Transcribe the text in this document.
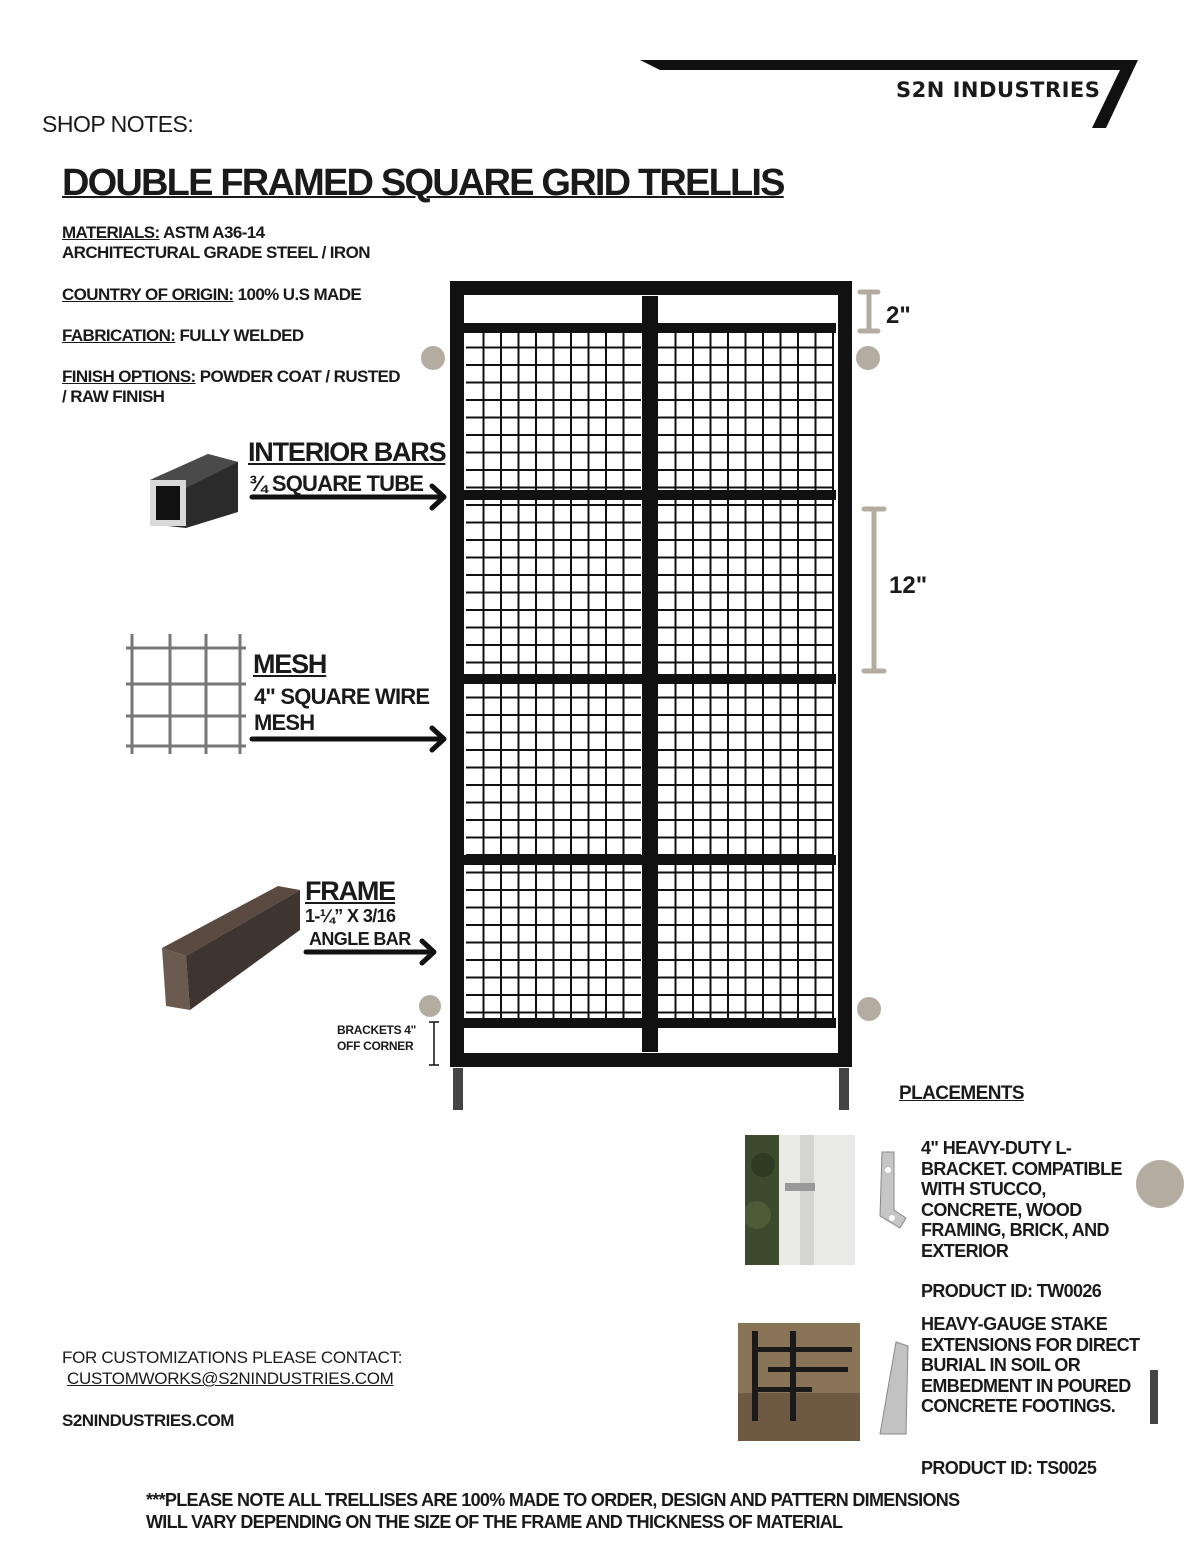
S2N INDUSTRIES
SHOP NOTES:
DOUBLE FRAMED SQUARE GRID TRELLIS
MATERIALS: ASTM A36-14
ARCHITECTURAL GRADE STEEL / IRON
COUNTRY OF ORIGIN: 100% U.S MADE
FABRICATION: FULLY WELDED
FINISH OPTIONS: POWDER COAT / RUSTED
/ RAW FINISH
2"
12"
INTERIOR BARS
¾ SQUARE TUBE
MESH
4" SQUARE WIRE
MESH
FRAME
1-¼” X 3/16
ANGLE BAR
BRACKETS 4"
OFF CORNER
PLACEMENTS
4" HEAVY-DUTY L-BRACKET. COMPATIBLE WITH STUCCO, CONCRETE, WOOD FRAMING, BRICK, AND EXTERIOR
PRODUCT ID: TW0026
HEAVY-GAUGE STAKE EXTENSIONS FOR DIRECT BURIAL IN SOIL OR EMBEDMENT IN POURED CONCRETE FOOTINGS.
PRODUCT ID: TS0025
FOR CUSTOMIZATIONS PLEASE CONTACT:
CUSTOMWORKS@S2NINDUSTRIES.COM
S2NINDUSTRIES.COM
***PLEASE NOTE ALL TRELLISES ARE 100% MADE TO ORDER, DESIGN AND PATTERN DIMENSIONS
WILL VARY DEPENDING ON THE SIZE OF THE FRAME AND THICKNESS OF MATERIAL
